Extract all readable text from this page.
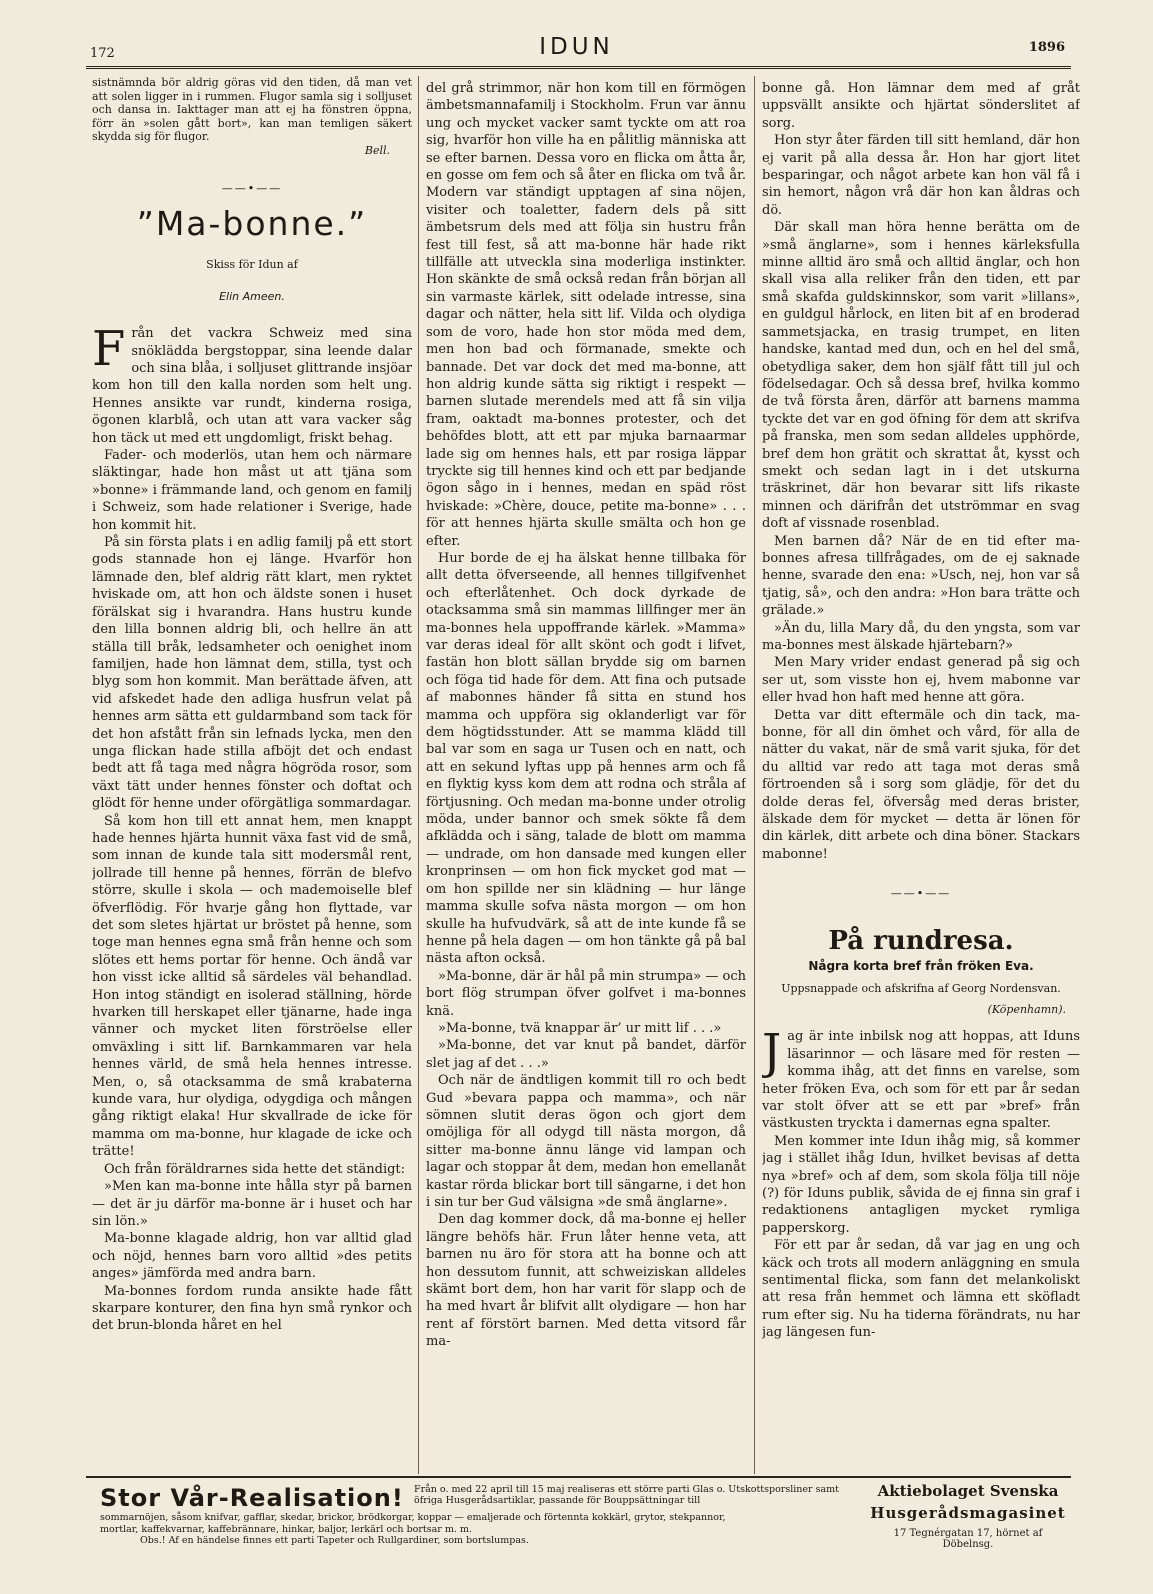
172	IDUN	1896

sistnämnda bör aldrig göras vid den tiden, då man vet att solen ligger in i rummen. Flugor samla sig i solljuset och dansa in. Iakttager man att ej ha fönstren öppna, förr än »solen gått bort», kan man temligen säkert skydda sig för flugor.

Bell.
——•——
”Ma-bonne.”
Skiss för Idun af
Elin Ameen.

Från det vackra Schweiz med sina snöklädda bergstoppar, sina leende dalar och sina blåa, i solljuset glittrande insjöar kom hon till den kalla norden som helt ung. Hennes ansikte var rundt, kinderna rosiga, ögonen klarblå, och utan att vara vacker såg hon täck ut med ett ungdomligt, friskt behag.

Fader- och moderlös, utan hem och närmare släktingar, hade hon måst ut att tjäna som »bonne» i främmande land, och genom en familj i Schweiz, som hade relationer i Sverige, hade hon kommit hit.

På sin första plats i en adlig familj på ett stort gods stannade hon ej länge. Hvarför hon lämnade den, blef aldrig rätt klart, men ryktet hviskade om, att hon och äldste sonen i huset förälskat sig i hvarandra. Hans hustru kunde den lilla bonnen aldrig bli, och hellre än att ställa till bråk, ledsamheter och oenighet inom familjen, hade hon lämnat dem, stilla, tyst och blyg som hon kommit. Man berättade äfven, att vid afskedet hade den adliga husfrun velat på hennes arm sätta ett guldarmband som tack för det hon afstått från sin lefnads lycka, men den unga flickan hade stilla afböjt det och endast bedt att få taga med några högröda rosor, som växt tätt under hennes fönster och doftat och glödt för henne under oförgätliga sommardagar.

Så kom hon till ett annat hem, men knappt hade hennes hjärta hunnit växa fast vid de små, som innan de kunde tala sitt modersmål rent, jollrade till henne på hennes, förrän de blefvo större, skulle i skola — och mademoiselle blef öfverflödig. För hvarje gång hon flyttade, var det som sletes hjärtat ur bröstet på henne, som toge man hennes egna små från henne och som slötes ett hems portar för henne. Och ändå var hon visst icke alltid så särdeles väl behandlad. Hon intog ständigt en isolerad ställning, hörde hvarken till herskapet eller tjänarne, hade inga vänner och mycket liten förströelse eller omväxling i sitt lif. Barnkammaren var hela hennes värld, de små hela hennes intresse. Men, o, så otacksamma de små krabaterna kunde vara, hur olydiga, odygdiga och mången gång riktigt elaka! Hur skvallrade de icke för mamma om ma-bonne, hur klagade de icke och trätte!

Och från föräldrarnes sida hette det ständigt:

»Men kan ma-bonne inte hålla styr på barnen — det är ju därför ma-bonne är i huset och har sin lön.»

Ma-bonne klagade aldrig, hon var alltid glad och nöjd, hennes barn voro alltid »des petits anges» jämförda med andra barn.

Ma-bonnes fordom runda ansikte hade fått skarpare konturer, den fina hyn små rynkor och det brun-blonda håret en hel

del grå strimmor, när hon kom till en förmögen ämbetsmannafamilj i Stockholm. Frun var ännu ung och mycket vacker samt tyckte om att roa sig, hvarför hon ville ha en pålitlig människa att se efter barnen. Dessa voro en flicka om åtta år, en gosse om fem och så åter en flicka om två år. Modern var ständigt upptagen af sina nöjen, visiter och toaletter, fadern dels på sitt ämbetsrum dels med att följa sin hustru från fest till fest, så att ma-bonne här hade rikt tillfälle att utveckla sina moderliga instinkter. Hon skänkte de små också redan från början all sin varmaste kärlek, sitt odelade intresse, sina dagar och nätter, hela sitt lif. Vilda och olydiga som de voro, hade hon stor möda med dem, men hon bad och förmanade, smekte och bannade. Det var dock det med ma-bonne, att hon aldrig kunde sätta sig riktigt i respekt — barnen slutade merendels med att få sin vilja fram, oaktadt ma-bonnes protester, och det behöfdes blott, att ett par mjuka barnaarmar lade sig om hennes hals, ett par rosiga läppar tryckte sig till hennes kind och ett par bedjande ögon sågo in i hennes, medan en späd röst hviskade: »Chère, douce, petite ma-bonne» . . . för att hennes hjärta skulle smälta och hon ge efter.

Hur borde de ej ha älskat henne tillbaka för allt detta öfverseende, all hennes tillgifvenhet och efterlåtenhet. Och dock dyrkade de otacksamma små sin mammas lillfinger mer än ma-bonnes hela uppoffrande kärlek. »Mamma» var deras ideal för allt skönt och godt i lifvet, fastän hon blott sällan brydde sig om barnen och föga tid hade för dem. Att fina och putsade af mabonnes händer få sitta en stund hos mamma och uppföra sig oklanderligt var för dem högtidsstunder. Att se mamma klädd till bal var som en saga ur Tusen och en natt, och att en sekund lyftas upp på hennes arm och få en flyktig kyss kom dem att rodna och stråla af förtjusning. Och medan ma-bonne under otrolig möda, under bannor och smek sökte få dem afklädda och i säng, talade de blott om mamma — undrade, om hon dansade med kungen eller kronprinsen — om hon fick mycket god mat — om hon spillde ner sin klädning — hur länge mamma skulle sofva nästa morgon — om hon skulle ha hufvudvärk, så att de inte kunde få se henne på hela dagen — om hon tänkte gå på bal nästa afton också.

»Ma-bonne, där är hål på min strumpa» — och bort flög strumpan öfver golfvet i ma-bonnes knä.

»Ma-bonne, tvä knappar är’ ur mitt lif . . .»

»Ma-bonne, det var knut på bandet, därför slet jag af det . . .»

Och när de ändtligen kommit till ro och bedt Gud »bevara pappa och mamma», och när sömnen slutit deras ögon och gjort dem omöjliga för all odygd till nästa morgon, då sitter ma-bonne ännu länge vid lampan och lagar och stoppar åt dem, medan hon emellanåt kastar rörda blickar bort till sängarne, i det hon i sin tur ber Gud välsigna »de små änglarne».

Den dag kommer dock, då ma-bonne ej heller längre behöfs här. Frun låter henne veta, att barnen nu äro för stora att ha bonne och att hon dessutom funnit, att schweiziskan alldeles skämt bort dem, hon har varit för slapp och de ha med hvart år blifvit allt olydigare — hon har rent af förstört barnen. Med detta vitsord får ma-

bonne gå. Hon lämnar dem med af gråt uppsvällt ansikte och hjärtat sönderslitet af sorg.

Hon styr åter färden till sitt hemland, där hon ej varit på alla dessa år. Hon har gjort litet besparingar, och något arbete kan hon väl få i sin hemort, någon vrå där hon kan åldras och dö.

Där skall man höra henne berätta om de »små änglarne», som i hennes kärleksfulla minne alltid äro små och alltid änglar, och hon skall visa alla reliker från den tiden, ett par små skafda guldskinnskor, som varit »lillans», en guldgul hårlock, en liten bit af en broderad sammetsjacka, en trasig trumpet, en liten handske, kantad med dun, och en hel del små, obetydliga saker, dem hon själf fått till jul och födelsedagar. Och så dessa bref, hvilka kommo de två första åren, därför att barnens mamma tyckte det var en god öfning för dem att skrifva på franska, men som sedan alldeles upphörde, bref dem hon grätit och skrattat åt, kysst och smekt och sedan lagt in i det utskurna träskrinet, där hon bevarar sitt lifs rikaste minnen och därifrån det utströmmar en svag doft af vissnade rosenblad.

Men barnen då? När de en tid efter ma-bonnes afresa tillfrågades, om de ej saknade henne, svarade den ena: »Usch, nej, hon var så tjatig, så», och den andra: »Hon bara trätte och grälade.»

»Än du, lilla Mary då, du den yngsta, som var ma-bonnes mest älskade hjärtebarn?»

Men Mary vrider endast generad på sig och ser ut, som visste hon ej, hvem mabonne var eller hvad hon haft med henne att göra.

Detta var ditt eftermäle och din tack, ma-bonne, för all din ömhet och vård, för alla de nätter du vakat, när de små varit sjuka, för det du alltid var redo att taga mot deras små förtroenden så i sorg som glädje, för det du dolde deras fel, öfversåg med deras brister, älskade dem för mycket — detta är lönen för din kärlek, ditt arbete och dina böner. Stackars mabonne!

——•——
På rundresa.
Några korta bref från fröken Eva.
Uppsnappade och afskrifna af Georg Nordensvan.
(Köpenhamn).

Jag är inte inbilsk nog att hoppas, att Iduns läsarinnor — och läsare med för resten — komma ihåg, att det finns en varelse, som heter fröken Eva, och som för ett par år sedan var stolt öfver att se ett par »bref» från västkusten tryckta i damernas egna spalter.

Men kommer inte Idun ihåg mig, så kommer jag i stället ihåg Idun, hvilket bevisas af detta nya »bref» och af dem, som skola följa till nöje (?) för Iduns publik, såvida de ej finna sin graf i redaktionens antagligen mycket rymliga papperskorg.

För ett par år sedan, då var jag en ung och käck och trots all modern anläggning en smula sentimental flicka, som fann det melankoliskt att resa från hemmet och lämna ett sköfladt rum efter sig. Nu ha tiderna förändrats, nu har jag längesen fun-

Stor Vår-Realisation! Från o. med 22 april till 15 maj realiseras ett större parti Glas o. Utskottsporsliner samt öfriga Husgerådsartiklar, passande för Bouppsättningar till
sommarnöjen, såsom knifvar, gafflar, skedar, brickor, brödkorgar, koppar — emaljerade och förtennta kokkärl, grytor, stekpannor,
mortlar, kaffekvarnar, kaffebrännare, hinkar, baljor, lerkärl och bortsar m. m.
Obs.! Af en händelse finnes ett parti Tapeter och Rullgardiner, som bortslumpas.
Aktiebolaget Svenska
Husgerådsmagasinet
17 Tegnérgatan 17, hörnet af Döbelnsg.
